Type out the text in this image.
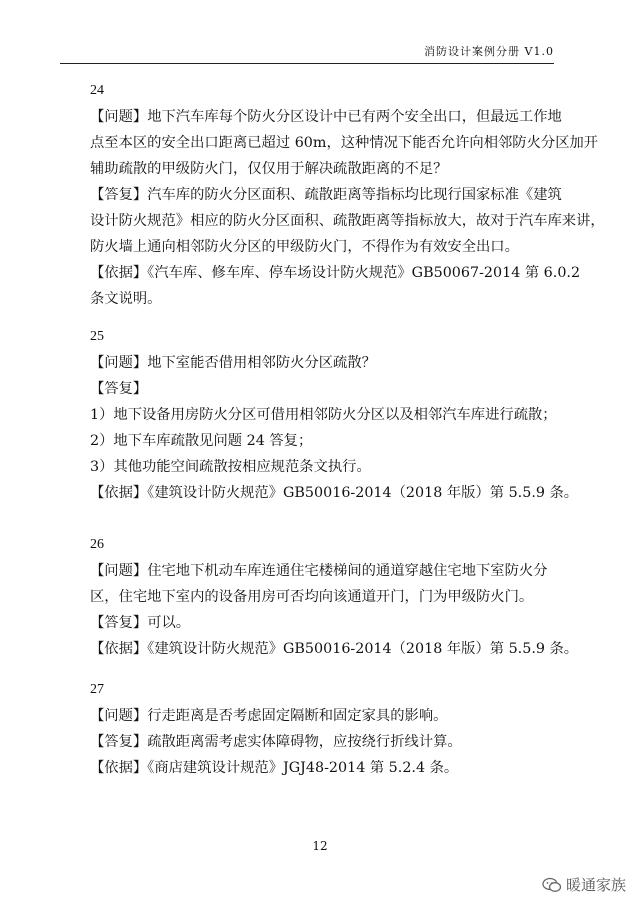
消防设计案例分册 V1.0
24
【问题】地下汽车库每个防火分区设计中已有两个安全出口，但最远工作地
点至本区的安全出口距离已超过 60m，这种情况下能否允许向相邻防火分区加开
辅助疏散的甲级防火门，仅仅用于解决疏散距离的不足？
【答复】汽车库的防火分区面积、疏散距离等指标均比现行国家标准《建筑
设计防火规范》相应的防火分区面积、疏散距离等指标放大，故对于汽车库来讲，
防火墙上通向相邻防火分区的甲级防火门，不得作为有效安全出口。
【依据】《汽车库、修车库、停车场设计防火规范》GB50067-2014 第 6.0.2
条文说明。
25
【问题】地下室能否借用相邻防火分区疏散？
【答复】
1）地下设备用房防火分区可借用相邻防火分区以及相邻汽车库进行疏散；
2）地下车库疏散见问题 24 答复；
3）其他功能空间疏散按相应规范条文执行。
【依据】《建筑设计防火规范》GB50016-2014（2018 年版）第 5.5.9 条。
26
【问题】住宅地下机动车库连通住宅楼梯间的通道穿越住宅地下室防火分
区，住宅地下室内的设备用房可否均向该通道开门，门为甲级防火门。
【答复】可以。
【依据】《建筑设计防火规范》GB50016-2014（2018 年版）第 5.5.9 条。
27
【问题】行走距离是否考虑固定隔断和固定家具的影响。
【答复】疏散距离需考虑实体障碍物，应按绕行折线计算。
【依据】《商店建筑设计规范》JGJ48-2014 第 5.2.4 条。
12
暖通家族
